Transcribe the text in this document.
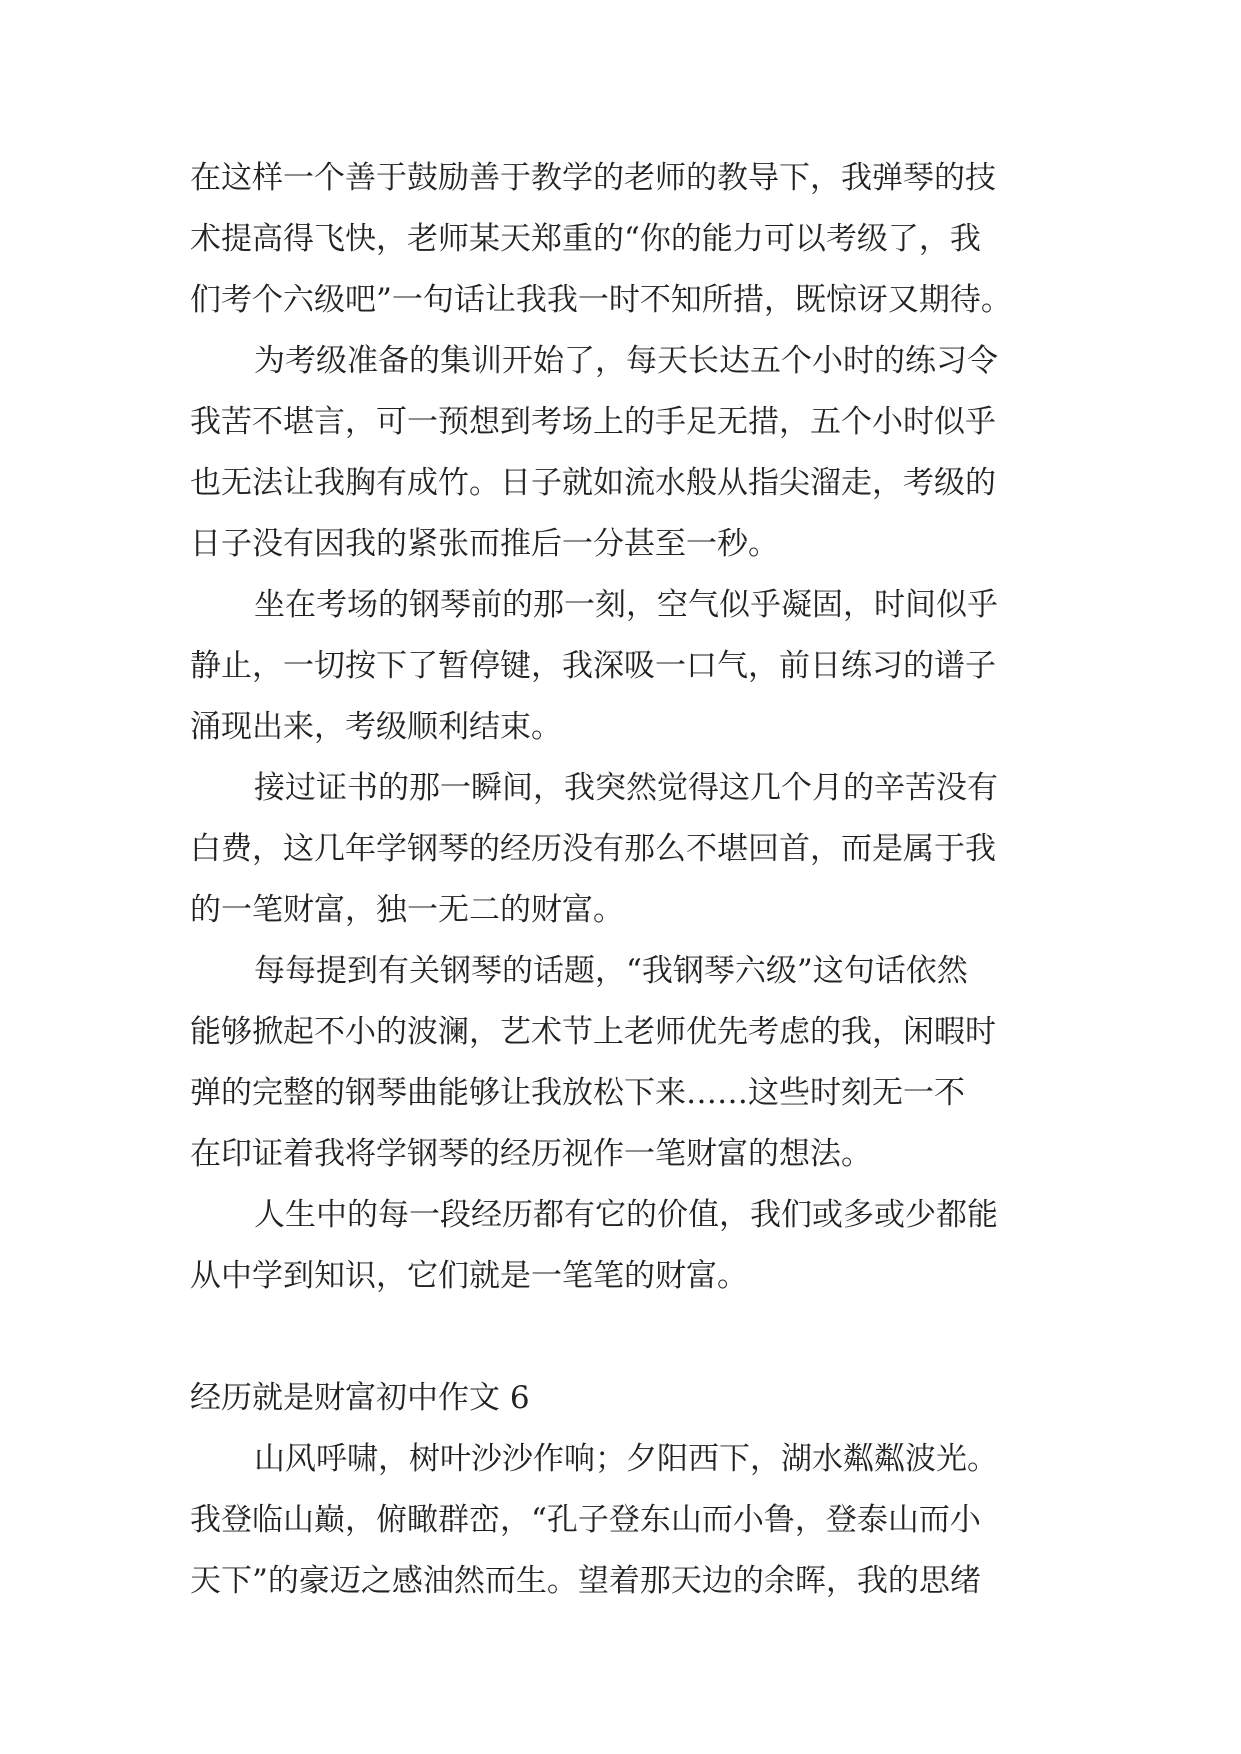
在这样一个善于鼓励善于教学的老师的教导下，我弹琴的技
术提高得飞快，老师某天郑重的“你的能力可以考级了，我
们考个六级吧”一句话让我我一时不知所措，既惊讶又期待。
为考级准备的集训开始了，每天长达五个小时的练习令
我苦不堪言，可一预想到考场上的手足无措，五个小时似乎
也无法让我胸有成竹。日子就如流水般从指尖溜走，考级的
日子没有因我的紧张而推后一分甚至一秒。
坐在考场的钢琴前的那一刻，空气似乎凝固，时间似乎
静止，一切按下了暂停键，我深吸一口气，前日练习的谱子
涌现出来，考级顺利结束。
接过证书的那一瞬间，我突然觉得这几个月的辛苦没有
白费，这几年学钢琴的经历没有那么不堪回首，而是属于我
的一笔财富，独一无二的财富。
每每提到有关钢琴的话题，“我钢琴六级”这句话依然
能够掀起不小的波澜，艺术节上老师优先考虑的我，闲暇时
弹的完整的钢琴曲能够让我放松下来……这些时刻无一不
在印证着我将学钢琴的经历视作一笔财富的想法。
人生中的每一段经历都有它的价值，我们或多或少都能
从中学到知识，它们就是一笔笔的财富。
经历就是财富初中作文 6
山风呼啸，树叶沙沙作响；夕阳西下，湖水粼粼波光。
我登临山巅，俯瞰群峦，“孔子登东山而小鲁，登泰山而小
天下”的豪迈之感油然而生。望着那天边的余晖，我的思绪
